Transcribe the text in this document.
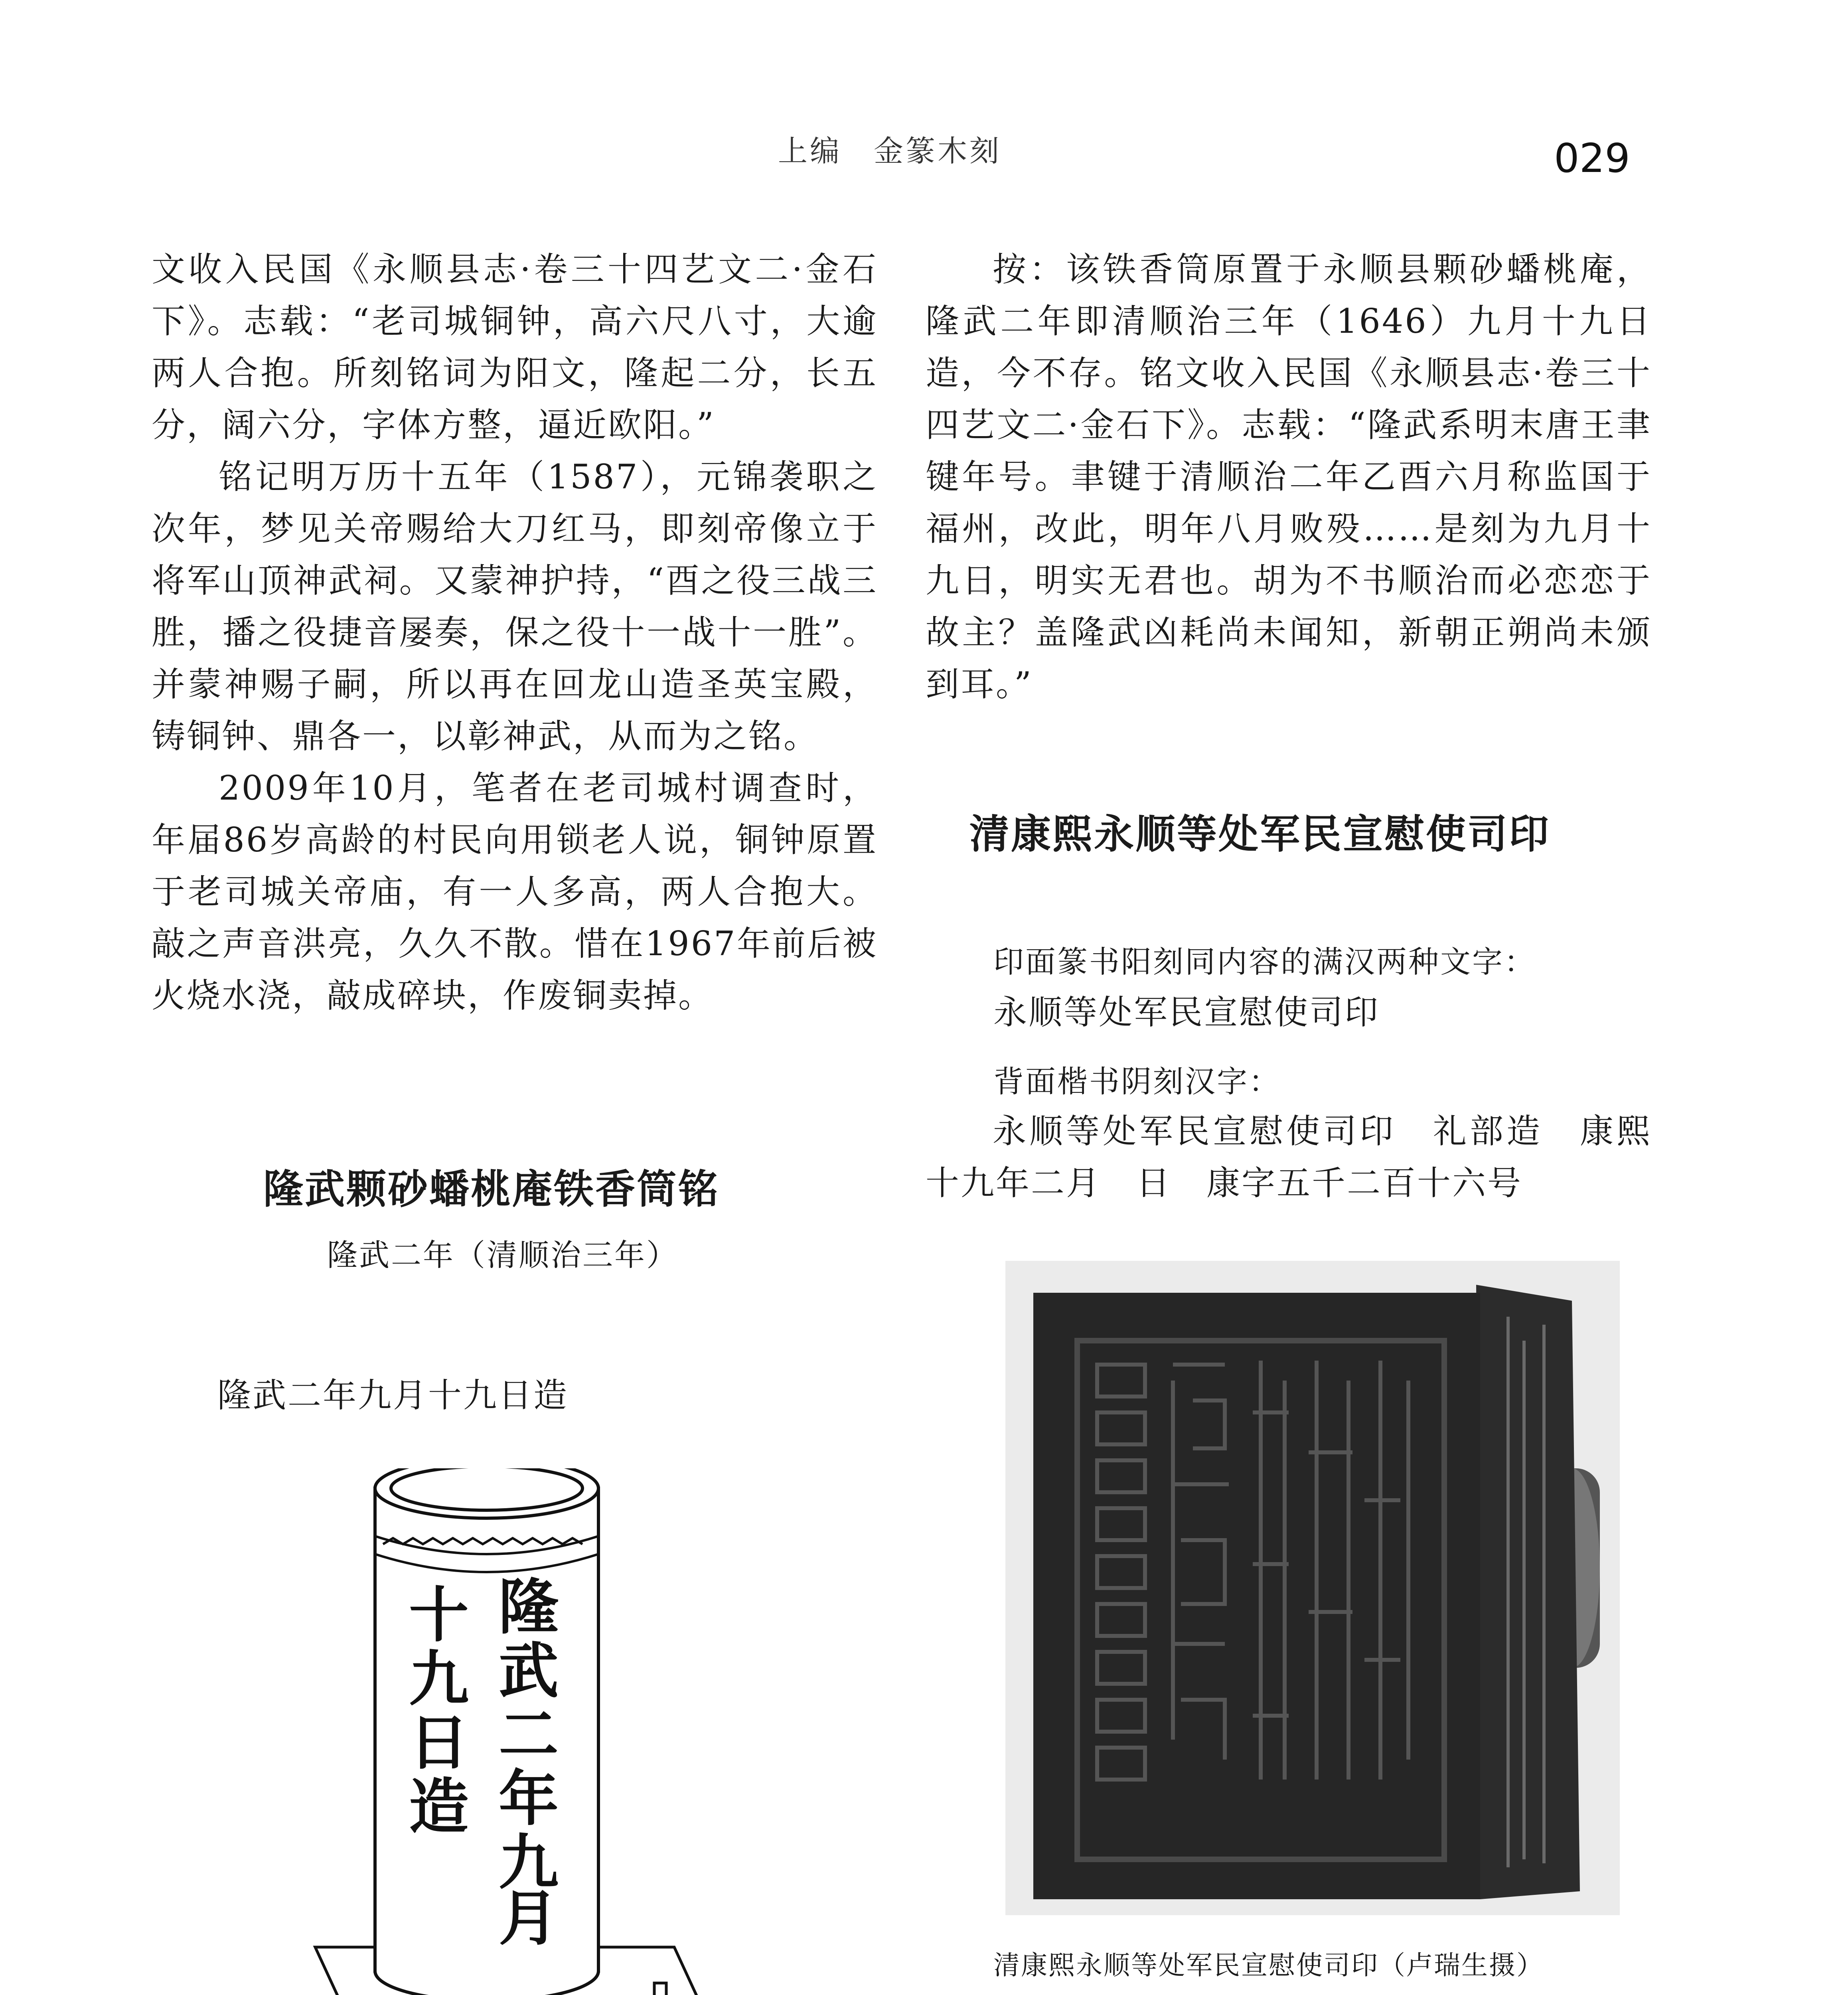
上编　金篆木刻	029
文收入民国《永顺县志·卷三十四艺文二·金石下》。志载：“老司城铜钟，高六尺八寸，大逾两人合抱。所刻铭词为阳文，隆起二分，长五分，阔六分，字体方整，逼近欧阳。”
铭记明万历十五年（1587），元锦袭职之次年，梦见关帝赐给大刀红马，即刻帝像立于将军山顶神武祠。又蒙神护持，“酉之役三战三胜，播之役捷音屡奏，保之役十一战十一胜”。并蒙神赐子嗣，所以再在回龙山造圣英宝殿，铸铜钟、鼎各一，以彰神武，从而为之铭。
2009年10月，笔者在老司城村调查时，年届86岁高龄的村民向用锁老人说，铜钟原置于老司城关帝庙，有一人多高，两人合抱大。敲之声音洪亮，久久不散。惜在1967年前后被火烧水浇，敲成碎块，作废铜卖掉。
隆武颗砂蟠桃庵铁香筒铭
隆武二年（清顺治三年）
隆武二年九月十九日造
隆
武
二
年
九
月
十
九
日
造
按：该铁香筒原置于永顺县颗砂蟠桃庵，隆武二年即清顺治三年（1646）九月十九日造，今不存。铭文收入民国《永顺县志·卷三十四艺文二·金石下》。志载：“隆武系明末唐王聿键年号。聿键于清顺治二年乙酉六月称监国于福州，改此，明年八月败殁……是刻为九月十九日，明实无君也。胡为不书顺治而必恋恋于故主？盖隆武凶耗尚未闻知，新朝正朔尚未颁到耳。”
清康熙永顺等处军民宣慰使司印
印面篆书阳刻同内容的满汉两种文字：
永顺等处军民宣慰使司印
背面楷书阴刻汉字：
永顺等处军民宣慰使司印　礼部造　康熙十九年二月　日　康字五千二百十六号
清康熙永顺等处军民宣慰使司印（卢瑞生摄）
